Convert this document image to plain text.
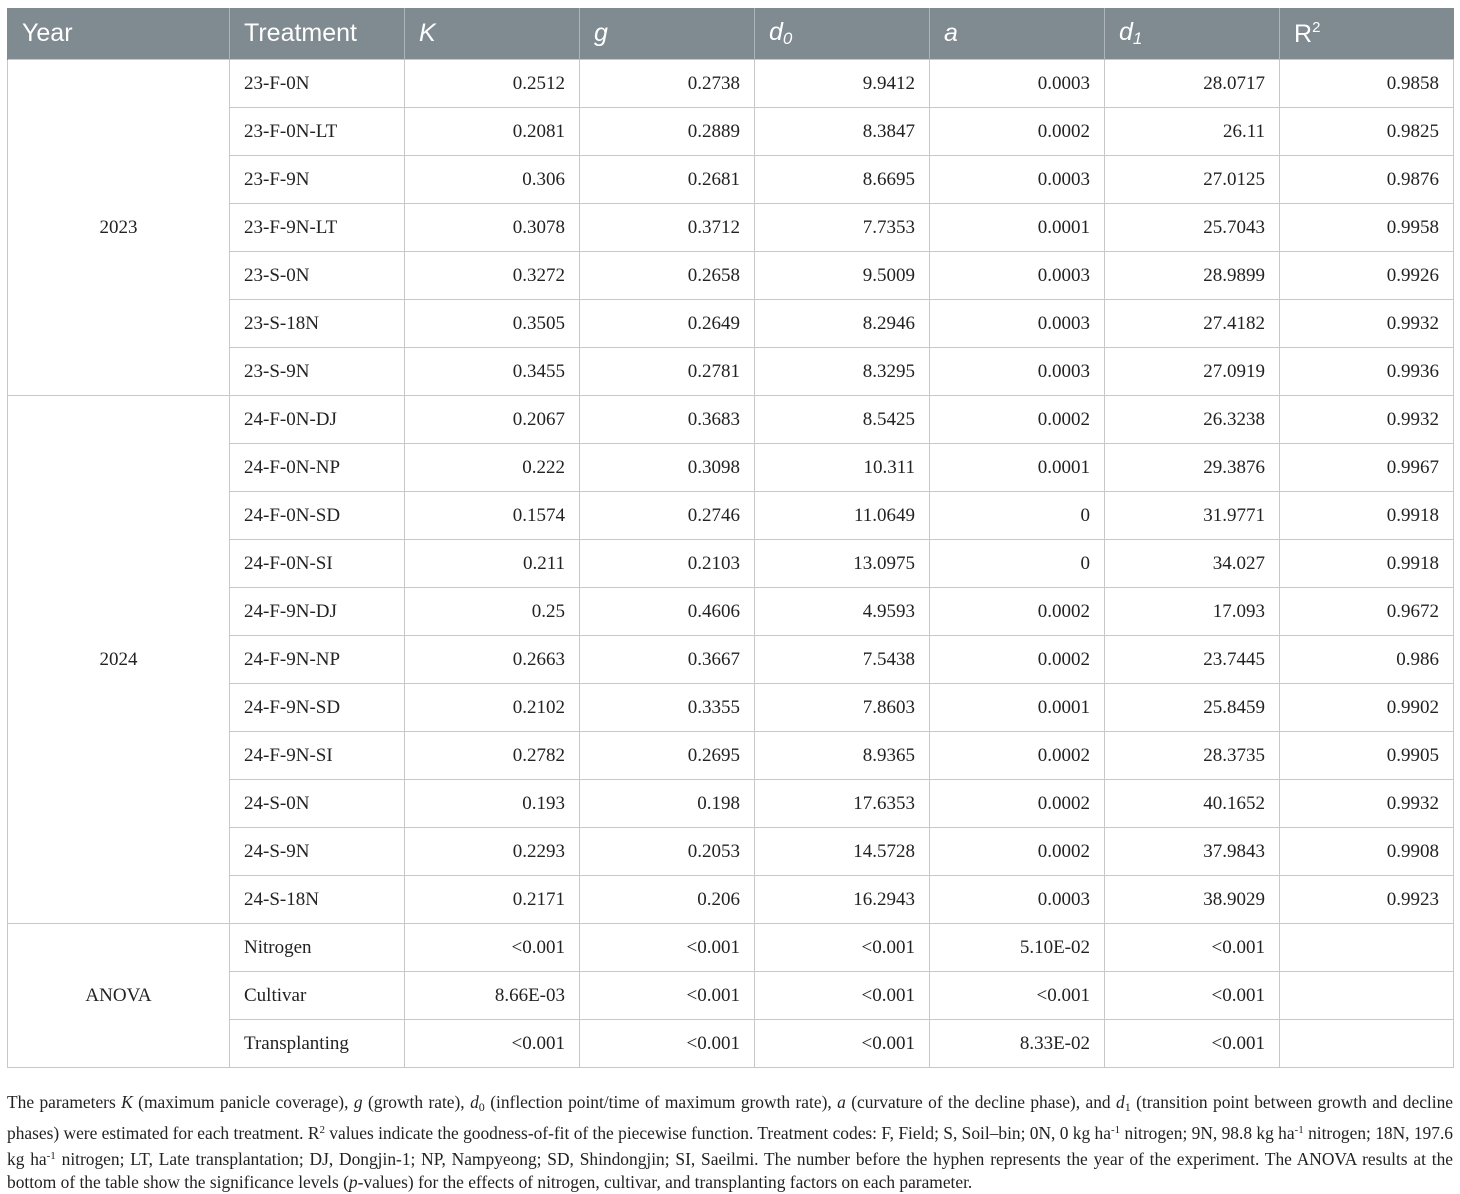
Year	Treatment	K	g	$d_0$	a	$d_1$	$R^2$
2023	23-F-0N	0.2512	0.2738	9.9412	0.0003	28.0717	0.9858
	23-F-0N-LT	0.2081	0.2889	8.3847	0.0002	26.11	0.9825
	23-F-9N	0.306	0.2681	8.6695	0.0003	27.0125	0.9876
	23-F-9N-LT	0.3078	0.3712	7.7353	0.0001	25.7043	0.9958
	23-S-0N	0.3272	0.2658	9.5009	0.0003	28.9899	0.9926
	23-S-18N	0.3505	0.2649	8.2946	0.0003	27.4182	0.9932
	23-S-9N	0.3455	0.2781	8.3295	0.0003	27.0919	0.9936
2024	24-F-0N-DJ	0.2067	0.3683	8.5425	0.0002	26.3238	0.9932
	24-F-0N-NP	0.222	0.3098	10.311	0.0001	29.3876	0.9967
	24-F-0N-SD	0.1574	0.2746	11.0649	0	31.9771	0.9918
	24-F-0N-SI	0.211	0.2103	13.0975	0	34.027	0.9918
	24-F-9N-DJ	0.25	0.4606	4.9593	0.0002	17.093	0.9672
	24-F-9N-NP	0.2663	0.3667	7.5438	0.0002	23.7445	0.986
	24-F-9N-SD	0.2102	0.3355	7.8603	0.0001	25.8459	0.9902
	24-F-9N-SI	0.2782	0.2695	8.9365	0.0002	28.3735	0.9905
	24-S-0N	0.193	0.198	17.6353	0.0002	40.1652	0.9932
	24-S-9N	0.2293	0.2053	14.5728	0.0002	37.9843	0.9908
	24-S-18N	0.2171	0.206	16.2943	0.0003	38.9029	0.9923
ANOVA	Nitrogen	<0.001	<0.001	<0.001	5.10E-02	<0.001	
	Cultivar	8.66E-03	<0.001	<0.001	<0.001	<0.001	
	Transplanting	<0.001	<0.001	<0.001	8.33E-02	<0.001	
The parameters K (maximum panicle coverage), g (growth rate), $d_0$ (inflection point/time of maximum growth rate), a (curvature of the decline phase), and $d_1$ (transition point between growth and decline phases) were estimated for each treatment. $R^2$ values indicate the goodness-of-fit of the piecewise function. Treatment codes: F, Field; S, Soil–bin; 0N, 0 kg $ha^{-1}$ nitrogen; 9N, 98.8 kg $ha^{-1}$ nitrogen; 18N, 197.6 kg $ha^{-1}$ nitrogen; LT, Late transplantation; DJ, Dongjin-1; NP, Nampyeong; SD, Shindongjin; SI, Saeilmi. The number before the hyphen represents the year of the experiment. The ANOVA results at the bottom of the table show the significance levels (p-values) for the effects of nitrogen, cultivar, and transplanting factors on each parameter.
